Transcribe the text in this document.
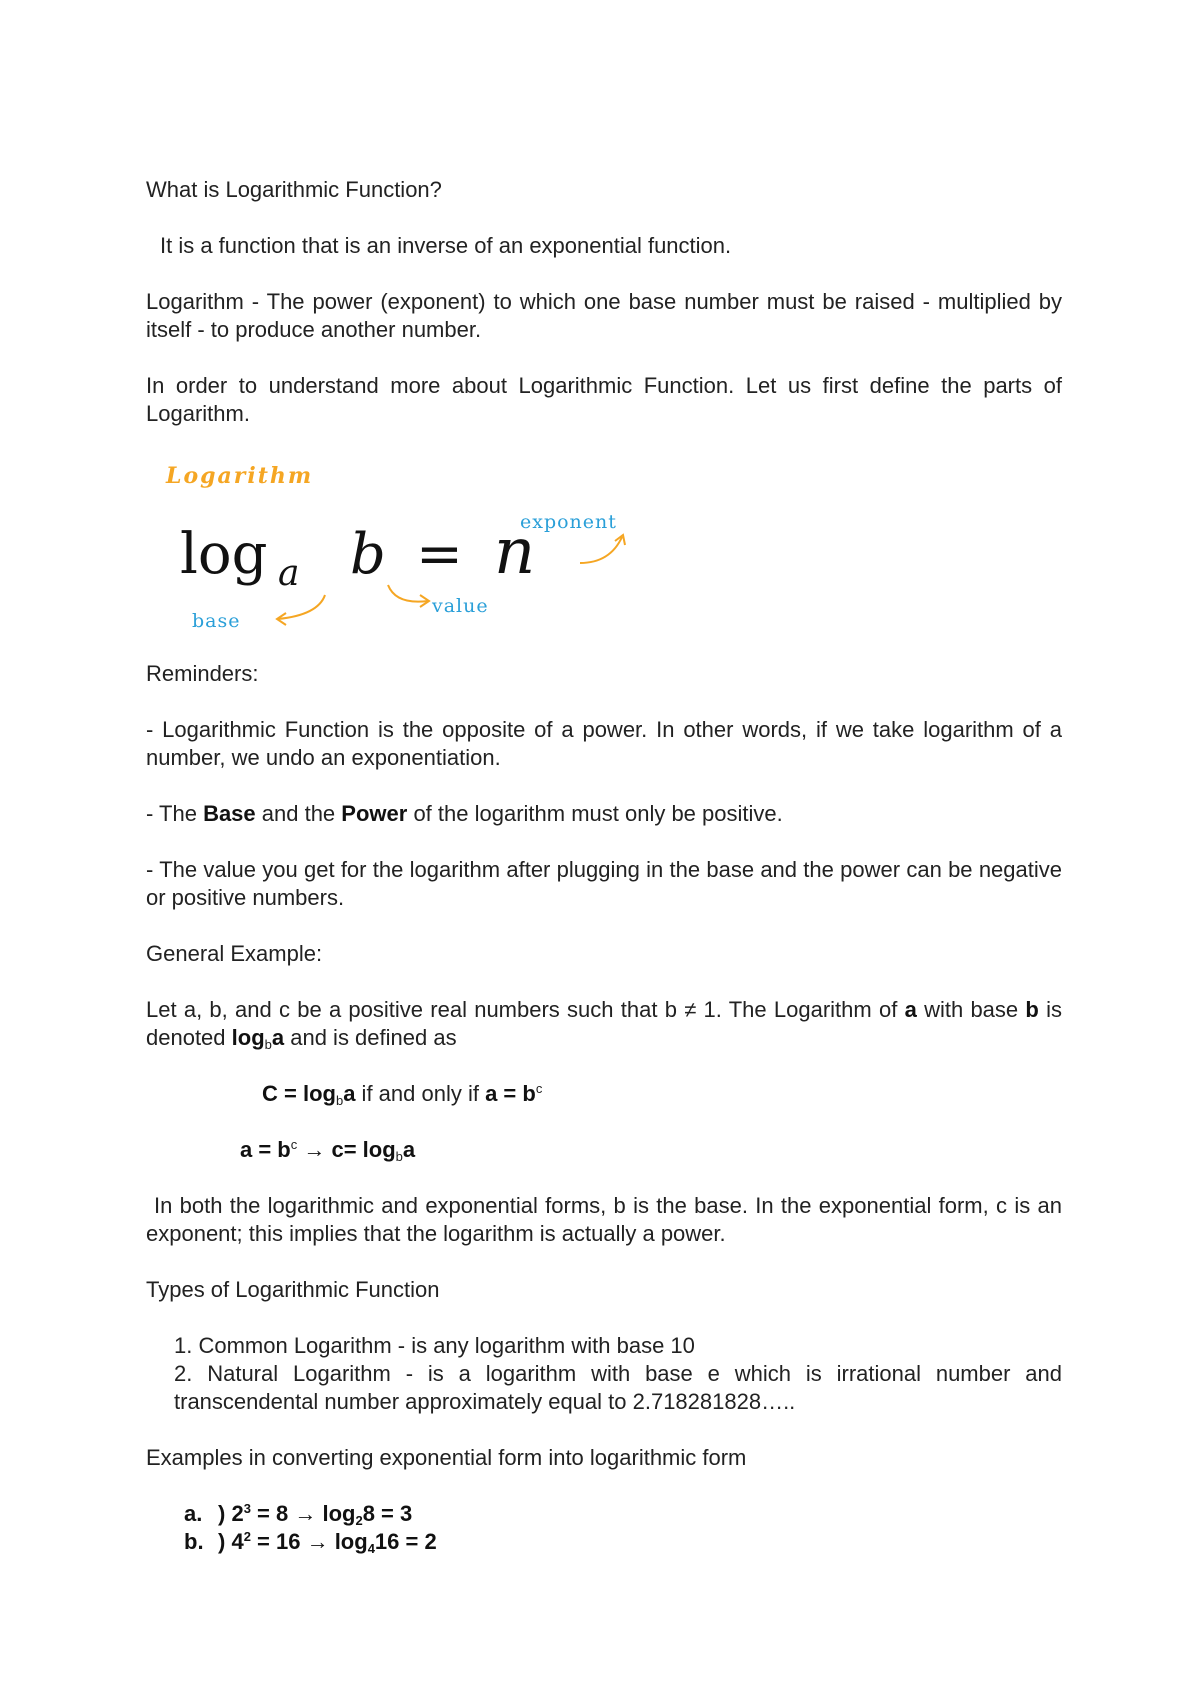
What is Logarithmic Function?
It is a function that is an inverse of an exponential function.
Logarithm - The power (exponent) to which one base number must be raised - multiplied by itself - to produce another number.
In order to understand more about Logarithmic Function. Let us first define the parts of Logarithm.
Logarithm
log a b = n
exponent
base
value
Reminders:
- Logarithmic Function is the opposite of a power. In other words, if we take logarithm of a number, we undo an exponentiation.
- The Base and the Power of the logarithm must only be positive.
- The value you get for the logarithm after plugging in the base and the power can be negative or positive numbers.
General Example:
Let a, b, and c be a positive real numbers such that b ≠ 1. The Logarithm of a with base b is denoted $\log_ba$ and is defined as
$C = \log_ba$ if and only if $a = b^c$
$a = b^c \to c= \log_ba$
In both the logarithmic and exponential forms, b is the base. In the exponential form, c is an exponent; this implies that the logarithm is actually a power.
Types of Logarithmic Function
1. Common Logarithm - is any logarithm with base 10
2. Natural Logarithm - is a logarithm with base e which is irrational number and transcendental number approximately equal to 2.718281828…..
Examples in converting exponential form into logarithmic form
a. ) $2^3 = 8 \to \log_28 = 3$
b. ) $4^2 = 16 \to \log_416 = 2$
